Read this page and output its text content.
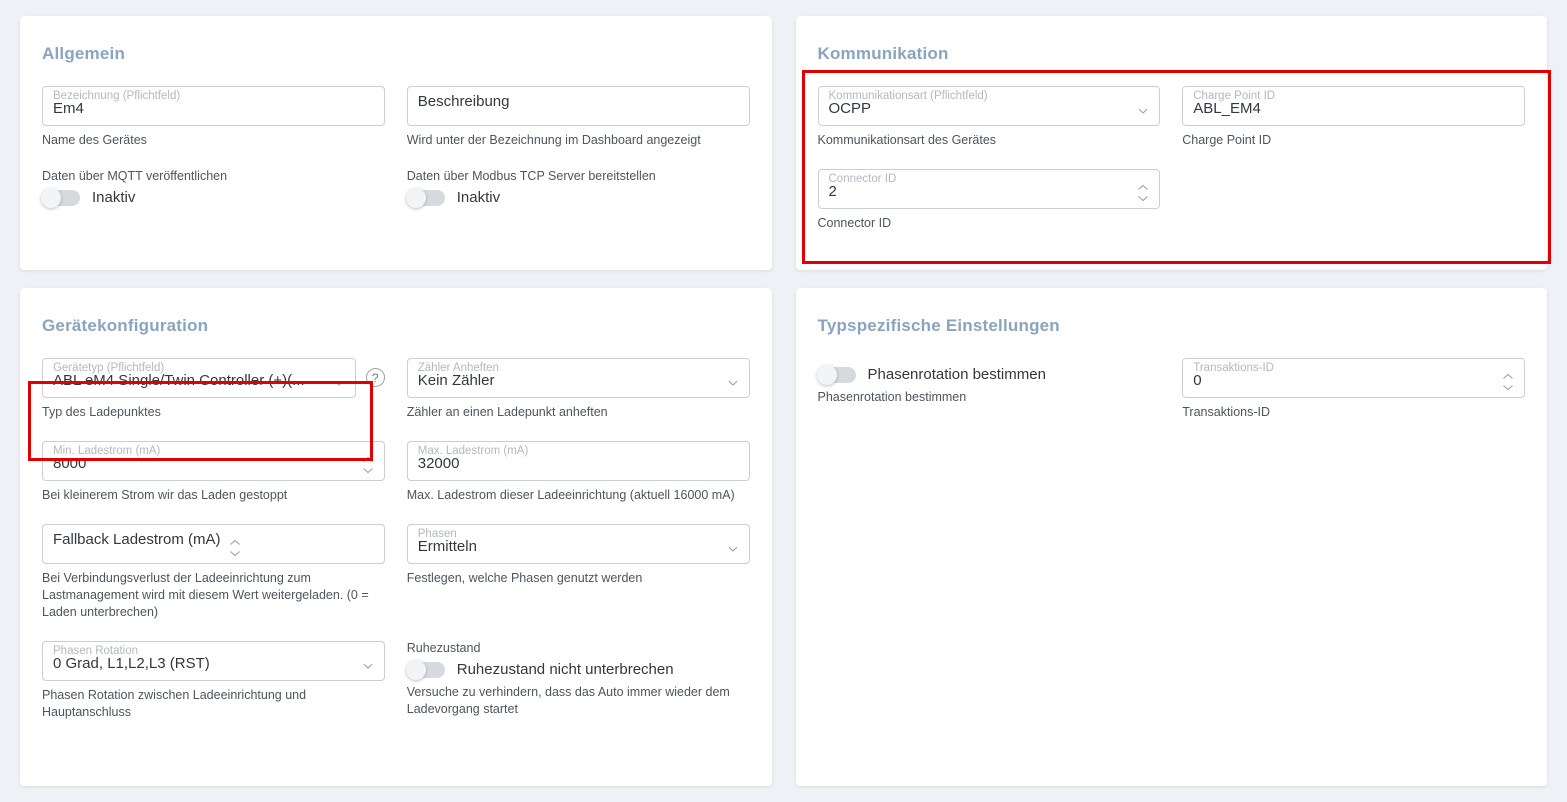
Allgemein
Bezeichnung (Pflichtfeld)
Em4
Name des Gerätes
Beschreibung
Wird unter der Bezeichnung im Dashboard angezeigt
Daten über MQTT veröffentlichen
Inaktiv
Daten über Modbus TCP Server bereitstellen
Inaktiv
Kommunikation
Kommunikationsart (Pflichtfeld)
OCPP
Kommunikationsart des Gerätes
Charge Point ID
ABL_EM4
Charge Point ID
Connector ID
2
Connector ID
Gerätekonfiguration
Gerätetyp (Pflichtfeld)
ABL eM4 Single/Twin Controller (+)(...	?
Typ des Ladepunktes
Zähler Anheften
Kein Zähler
Zähler an einen Ladepunkt anheften
Min. Ladestrom (mA)
8000
Bei kleinerem Strom wir das Laden gestoppt
Max. Ladestrom (mA)
32000
Max. Ladestrom dieser Ladeeinrichtung (aktuell 16000 mA)
Fallback Ladestrom (mA)
Bei Verbindungsverlust der Ladeeinrichtung zum Lastmanagement wird mit diesem Wert weitergeladen. (0 = Laden unterbrechen)
Phasen
Ermitteln
Festlegen, welche Phasen genutzt werden
Phasen Rotation
0 Grad, L1,L2,L3 (RST)
Phasen Rotation zwischen Ladeeinrichtung und Hauptanschluss
Ruhezustand
Ruhezustand nicht unterbrechen
Versuche zu verhindern, dass das Auto immer wieder dem Ladevorgang startet
Typspezifische Einstellungen
Phasenrotation bestimmen
Phasenrotation bestimmen
Transaktions-ID
0
Transaktions-ID
